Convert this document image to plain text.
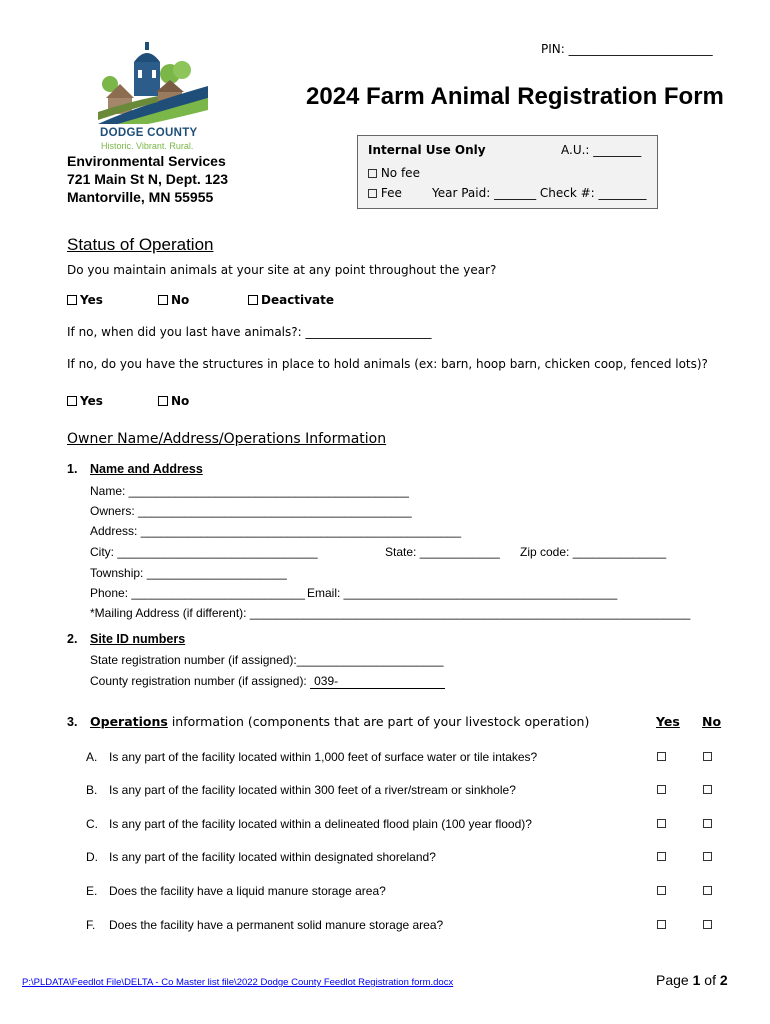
PIN: ________________________
DODGE COUNTY
Historic. Vibrant. Rural.
2024 Farm Animal Registration Form
Environmental Services
721 Main St N, Dept. 123
Mantorville, MN 55955
Internal Use Only	A.U.: ________
No fee
Fee	Year Paid: _______ Check #: ________
Status of Operation
Do you maintain animals at your site at any point throughout the year?
Yes	No	Deactivate
If no, when did you last have animals?: _____________________
If no, do you have the structures in place to hold animals (ex: barn, hoop barn, chicken coop, fenced lots)?
Yes	No
Owner Name/Address/Operations Information
1. Name and Address
Name: __________________________________________
Owners: _________________________________________
Address: ________________________________________________
City: ______________________________	State: ____________ Zip code: ______________
Township: _____________________
Phone: __________________________ Email: _________________________________________
*Mailing Address (if different): __________________________________________________________________
2. Site ID numbers
State registration number (if assigned):______________________
County registration number (if assigned): 039-
3. Operations information (components that are part of your livestock operation)	Yes No
A. Is any part of the facility located within 1,000 feet of surface water or tile intakes?
B. Is any part of the facility located within 300 feet of a river/stream or sinkhole?
C. Is any part of the facility located within a delineated flood plain (100 year flood)?
D. Is any part of the facility located within designated shoreland?
E. Does the facility have a liquid manure storage area?
F. Does the facility have a permanent solid manure storage area?
P:\PLDATA\Feedlot File\DELTA - Co Master list file\2022 Dodge County Feedlot Registration form.docx	Page 1 of 2
